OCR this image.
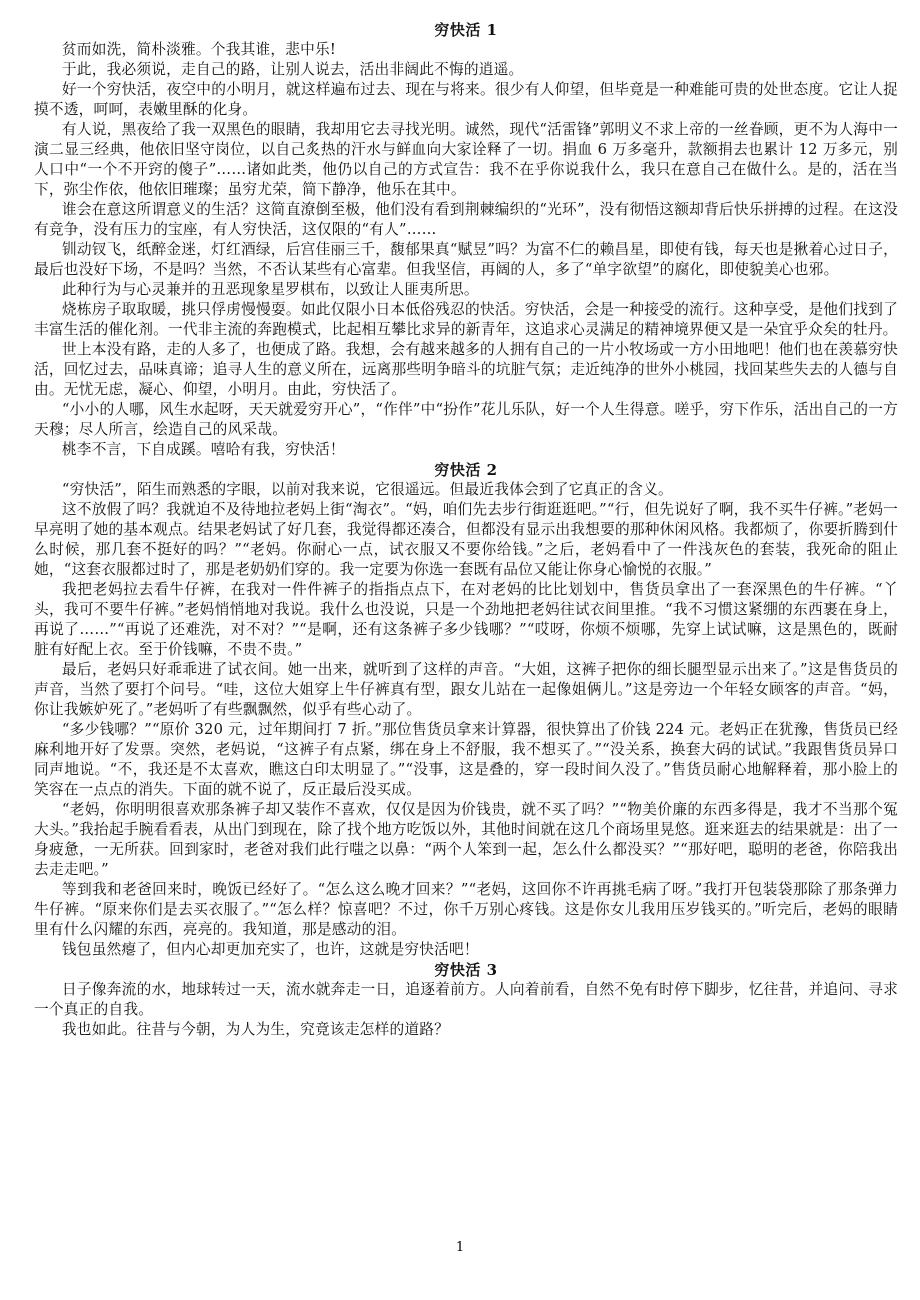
穷快活 1

贫而如洗，简朴淡雅。个我其谁，悲中乐!

于此，我必须说，走自己的路，让别人说去，活出非阔此不悔的逍遥。

好一个穷快活，夜空中的小明月，就这样遍布过去、现在与将来。很少有人仰望，但毕竟是一种难能可贵的处世态度。它让人捉摸不透，呵呵，表嫩里酥的化身。

有人说，黑夜给了我一双黑色的眼睛，我却用它去寻找光明。诚然，现代“活雷锋”郭明义不求上帝的一丝眷顾，更不为人海中一演二显三经典，他依旧坚守岗位，以自己炙热的汗水与鲜血向大家诠释了一切。捐血 6 万多毫升，款额捐去也累计 12 万多元，别人口中“一个不开窍的傻子”……诸如此类，他仍以自己的方式宣告：我不在乎你说我什么，我只在意自己在做什么。是的，活在当下，弥尘作依，他依旧璀璨；虽穷尤荣，简下静净，他乐在其中。

谁会在意这所谓意义的生活？这简直潦倒至极，他们没有看到荆棘编织的“光环”，没有彻悟这额却背后快乐拼搏的过程。在这没有竞争，没有压力的宝座，有人穷快活，这仅限的“有人”……

钏动钗飞，纸醉金迷，灯红酒绿，后宫佳丽三千，馥郁果真“赋昱”吗？为富不仁的赖昌星，即使有钱，每天也是揪着心过日子，最后也没好下场，不是吗？当然，不否认某些有心富辈。但我坚信，再阔的人，多了“单字欲望”的腐化，即使貌美心也邪。

此种行为与心灵兼并的丑恶现象星罗棋布，以致让人匪夷所思。

烧栋房子取取暖，挑只俘虏慢慢耍。如此仅限小日本低俗残忍的快活。穷快活，会是一种接受的流行。这种享受，是他们找到了丰富生活的催化剂。一代非主流的奔跑模式，比起相互攀比求异的新青年，这追求心灵满足的精神境界便又是一朵宜乎众矣的牡丹。

世上本没有路，走的人多了，也便成了路。我想，会有越来越多的人拥有自己的一片小牧场或一方小田地吧！他们也在羡慕穷快活，回忆过去，品味真谛；追寻人生的意义所在，远离那些明争暗斗的坑脏气氛；走近纯净的世外小桃园，找回某些失去的人德与自由。无忧无虑，凝心、仰望，小明月。由此，穷快活了。

“小小的人哪，风生水起呀，天天就爱穷开心”，“作伴”中“扮作”花儿乐队，好一个人生得意。嗟乎，穷下作乐，活出自己的一方天穆；尽人所言，绘造自己的风采哉。

桃李不言，下自成蹊。嘻哈有我，穷快活！

穷快活 2

“穷快活”，陌生而熟悉的字眼，以前对我来说，它很遥远。但最近我体会到了它真正的含义。

这不放假了吗？我就迫不及待地拉老妈上街“淘衣”。“妈，咱们先去步行街逛逛吧。”“行，但先说好了啊，我不买牛仔裤。”老妈一早亮明了她的基本观点。结果老妈试了好几套，我觉得都还凑合，但都没有显示出我想要的那种休闲风格。我都烦了，你要折腾到什么时候，那几套不挺好的吗？”“老妈。你耐心一点，试衣服又不要你给钱。”之后，老妈看中了一件浅灰色的套装，我死命的阻止她，“这套衣服都过时了，那是老奶奶们穿的。我一定要为你选一套既有品位又能让你身心愉悦的衣服。”

我把老妈拉去看牛仔裤，在我对一件件裤子的指指点点下，在对老妈的比比划划中，售货员拿出了一套深黑色的牛仔裤。“丫头，我可不要牛仔裤。”老妈悄悄地对我说。我什么也没说，只是一个劲地把老妈往试衣间里推。“我不习惯这紧绷的东西裹在身上，再说了……”“再说了还难洗，对不对？”“是啊，还有这条裤子多少钱哪？”“哎呀，你烦不烦哪，先穿上试试嘛，这是黑色的，既耐脏有好配上衣。至于价钱嘛，不贵不贵。”

最后，老妈只好乖乖进了试衣间。她一出来，就听到了这样的声音。“大姐，这裤子把你的细长腿型显示出来了。”这是售货员的声音，当然了要打个问号。“哇，这位大姐穿上牛仔裤真有型，跟女儿站在一起像姐俩儿。”这是旁边一个年轻女顾客的声音。“妈，你让我嫉妒死了。”老妈听了有些飘飘然，似乎有些心动了。

“多少钱哪？”“原价 320 元，过年期间打 7 折。”那位售货员拿来计算器，很快算出了价钱 224 元。老妈正在犹豫，售货员已经麻利地开好了发票。突然，老妈说，“这裤子有点紧，绑在身上不舒服，我不想买了。”“没关系，换套大码的试试。”我跟售货员异口同声地说。“不，我还是不太喜欢，瞧这白印太明显了。”“没事，这是叠的，穿一段时间久没了。”售货员耐心地解释着，那小脸上的笑容在一点点的消失。下面的就不说了，反正最后没买成。

“老妈，你明明很喜欢那条裤子却又装作不喜欢，仅仅是因为价钱贵，就不买了吗？”“物美价廉的东西多得是，我才不当那个冤大头。”我抬起手腕看看表，从出门到现在，除了找个地方吃饭以外，其他时间就在这几个商场里晃悠。逛来逛去的结果就是：出了一身疲惫，一无所获。回到家时，老爸对我们此行嗤之以鼻：“两个人笨到一起，怎么什么都没买？”“那好吧，聪明的老爸，你陪我出去走走吧。”

等到我和老爸回来时，晚饭已经好了。“怎么这么晚才回来？”“老妈，这回你不许再挑毛病了呀。”我打开包装袋那除了那条弹力牛仔裤。“原来你们是去买衣服了。”“怎么样？惊喜吧？不过，你千万别心疼钱。这是你女儿我用压岁钱买的。”听完后，老妈的眼睛里有什么闪耀的东西，亮亮的。我知道，那是感动的泪。

钱包虽然瘪了，但内心却更加充实了，也许，这就是穷快活吧！

穷快活 3

日子像奔流的水，地球转过一天，流水就奔走一日，追逐着前方。人向着前看，自然不免有时停下脚步，忆往昔，并追问、寻求一个真正的自我。

我也如此。往昔与今朝，为人为生，究竟该走怎样的道路？

1
